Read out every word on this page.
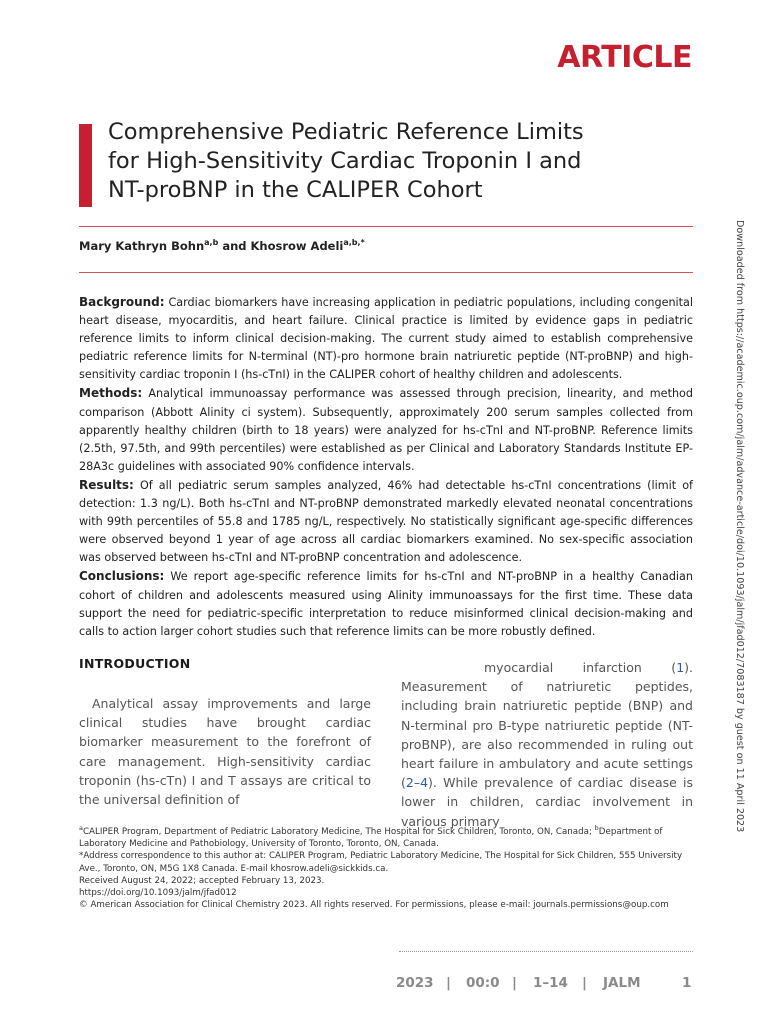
ARTICLE
Comprehensive Pediatric Reference Limits
for High-Sensitivity Cardiac Troponin I and
NT-proBNP in the CALIPER Cohort
Mary Kathryn Bohn$^{a,b}$ and Khosrow Adeli$^{a,b,*}$

Background: Cardiac biomarkers have increasing application in pediatric populations, including congenital heart disease, myocarditis, and heart failure. Clinical practice is limited by evidence gaps in pediatric reference limits to inform clinical decision-making. The current study aimed to establish comprehensive pediatric reference limits for N-terminal (NT)-pro hormone brain natriuretic peptide (NT-proBNP) and high-sensitivity cardiac troponin I (hs-cTnI) in the CALIPER cohort of healthy children and adolescents.

Methods: Analytical immunoassay performance was assessed through precision, linearity, and method comparison (Abbott Alinity ci system). Subsequently, approximately 200 serum samples collected from apparently healthy children (birth to 18 years) were analyzed for hs-cTnI and NT-proBNP. Reference limits (2.5th, 97.5th, and 99th percentiles) were established as per Clinical and Laboratory Standards Institute EP-28A3c guidelines with associated 90% confidence intervals.

Results: Of all pediatric serum samples analyzed, 46% had detectable hs-cTnI concentrations (limit of detection: 1.3 ng/L). Both hs-cTnI and NT-proBNP demonstrated markedly elevated neonatal concentrations with 99th percentiles of 55.8 and 1785 ng/L, respectively. No statistically significant age-specific differences were observed beyond 1 year of age across all cardiac biomarkers examined. No sex-specific association was observed between hs-cTnI and NT-proBNP concentration and adolescence.

Conclusions: We report age-specific reference limits for hs-cTnI and NT-proBNP in a healthy Canadian cohort of children and adolescents measured using Alinity immunoassays for the first time. These data support the need for pediatric-specific interpretation to reduce misinformed clinical decision-making and calls to action larger cohort studies such that reference limits can be more robustly defined.

INTRODUCTION

Analytical assay improvements and large clinical studies have brought cardiac biomarker measurement to the forefront of care management. High-sensitivity cardiac troponin (hs-cTn) I and T assays are critical to the universal definition of

myocardial infarction (1). Measurement of natriuretic peptides, including brain natriuretic peptide (BNP) and N-terminal pro B-type natriuretic peptide (NT-proBNP), are also recommended in ruling out heart failure in ambulatory and acute settings (2–4). While prevalence of cardiac disease is lower in children, cardiac involvement in various primary

$^a$CALIPER Program, Department of Pediatric Laboratory Medicine, The Hospital for Sick Children, Toronto, ON, Canada; $^b$Department of Laboratory Medicine and Pathobiology, University of Toronto, Toronto, ON, Canada.
*Address correspondence to this author at: CALIPER Program, Pediatric Laboratory Medicine, The Hospital for Sick Children, 555 University Ave., Toronto, ON, M5G 1X8 Canada. E-mail khosrow.adeli@sickkids.ca.
Received August 24, 2022; accepted February 13, 2023.
https://doi.org/10.1093/jalm/jfad012
© American Association for Clinical Chemistry 2023. All rights reserved. For permissions, please e-mail: journals.permissions@oup.com
2023 | 00:0 | 1–14 | JALM	1
Downloaded from https://academic.oup.com/jalm/advance-article/doi/10.1093/jalm/jfad012/7083187 by guest on 11 April 2023
